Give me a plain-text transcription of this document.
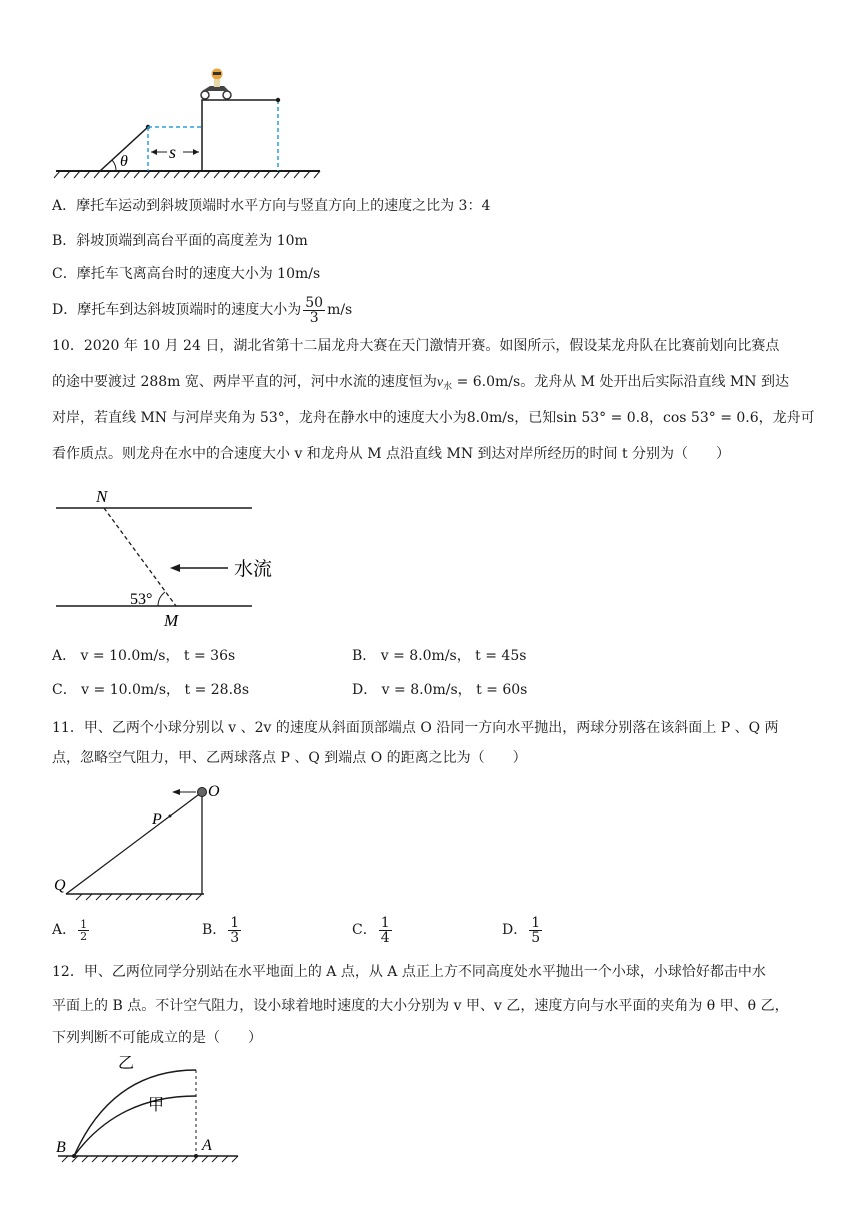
θ s
A．摩托车运动到斜坡顶端时水平方向与竖直方向上的速度之比为 3：4
B．斜坡顶端到高台平面的高度差为 10m
C．摩托车飞离高台时的速度大小为 10m/s
D．摩托车到达斜坡顶端时的速度大小为 $\frac{50}{3} m/s$
10．2020 年 10 月 24 日，湖北省第十二届龙舟大赛在天门激情开赛。如图所示，假设某龙舟队在比赛前划向比赛点
的途中要渡过 288m 宽、两岸平直的河，河中水流的速度恒为$v_水 = 6.0m/s$。龙舟从 M 处开出后实际沿直线 MN 到达
对岸，若直线 MN 与河岸夹角为 53°，龙舟在静水中的速度大小为8.0m/s，已知sin 53° = 0.8，cos 53° = 0.6，龙舟可
看作质点。则龙舟在水中的合速度大小 v 和龙舟从 M 点沿直线 MN 到达对岸所经历的时间 t 分别为（　　）
N
M
53°
水流
A． v = 10.0m/s， t = 36s	B． v = 8.0m/s， t = 45s
C． v = 10.0m/s， t = 28.8s	D． v = 8.0m/s， t = 60s
11．甲、乙两个小球分别以 v 、2v 的速度从斜面顶部端点 O 沿同一方向水平抛出，两球分别落在该斜面上 P 、Q 两
点，忽略空气阻力，甲、乙两球落点 P 、Q 到端点 O 的距离之比为（　　）
O
P
Q
A． $\frac{1}{2}$	B． $\frac{1}{3}$	C． $\frac{1}{4}$	D． $\frac{1}{5}$
12．甲、乙两位同学分别站在水平地面上的 A 点，从 A 点正上方不同高度处水平抛出一个小球，小球恰好都击中水
平面上的 B 点。不计空气阻力，设小球着地时速度的大小分别为 v 甲、v 乙，速度方向与水平面的夹角为 θ 甲、θ 乙，
下列判断不可能成立的是（　　）
乙
甲
A
B
